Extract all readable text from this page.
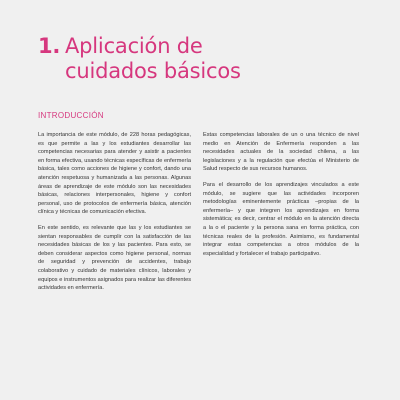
1. Aplicación de
cuidados básicos
INTRODUCCIÓN

La importancia de este módulo, de 228 horas pedagógicas, es que permite a las y los estudiantes desarrollar las competencias necesarias para atender y asistir a pacientes en forma efectiva, usando técnicas específicas de enfermería básica, tales como acciones de higiene y confort, dando una atención respetuosa y humanizada a las personas. Algunas áreas de aprendizaje de este módulo son las necesidades básicas, relaciones interpersonales, higiene y confort personal, uso de protocolos de enfermería básica, atención clínica y técnicas de comunicación efectiva.

En este sentido, es relevante que las y los estudiantes se sientan responsables de cumplir con la satisfacción de las necesidades básicas de los y las pacientes. Para esto, se deben considerar aspectos como higiene personal, normas de seguridad y prevención de accidentes, trabajo colaborativo y cuidado de materiales clínicos, laborales y equipos e instrumentos asignados para realizar las diferentes actividades en enfermería.

Estas competencias laborales de un o una técnico de nivel medio en Atención de Enfermería responden a las necesidades actuales de la sociedad chilena, a las legislaciones y a la regulación que efectúa el Ministerio de Salud respecto de sus recursos humanos.

Para el desarrollo de los aprendizajes vinculados a este módulo, se sugiere que las actividades incorporen metodologías eminentemente prácticas –propias de la enfermería– y que integren los aprendizajes en forma sistemática; es decir, centrar el módulo en la atención directa a la o el paciente y la persona sana en forma práctica, con técnicas reales de la profesión. Asimismo, es fundamental integrar estas competencias a otros módulos de la especialidad y fortalecer el trabajo participativo.
